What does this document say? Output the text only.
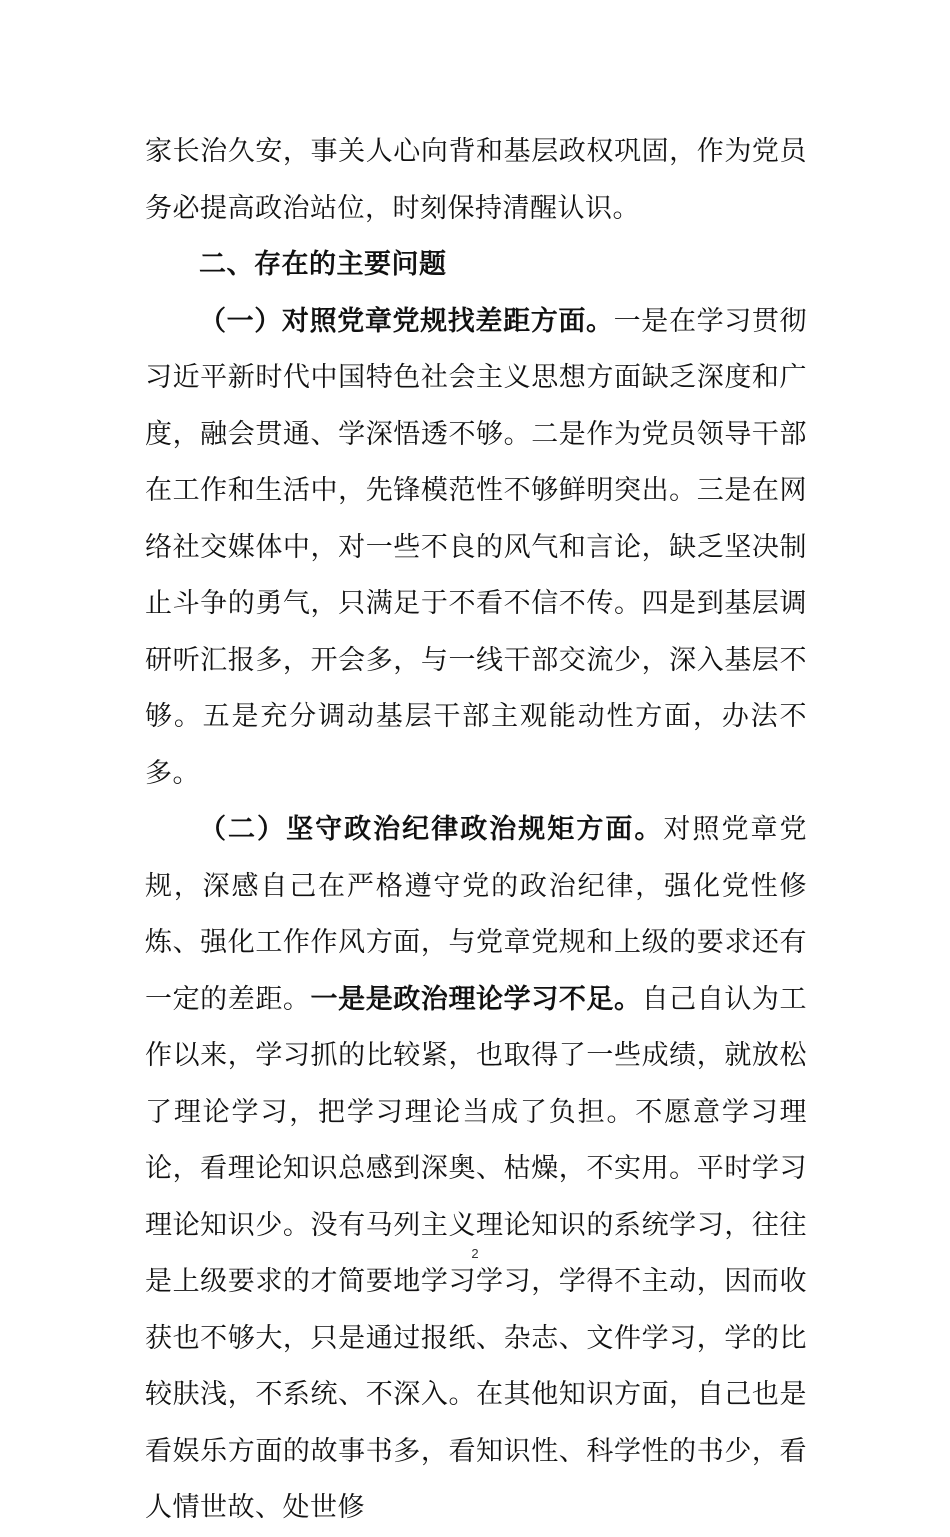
家长治久安，事关人心向背和基层政权巩固，作为党员务必提高政治站位，时刻保持清醒认识。

二、存在的主要问题

（一）对照党章党规找差距方面。一是在学习贯彻习近平新时代中国特色社会主义思想方面缺乏深度和广度，融会贯通、学深悟透不够。二是作为党员领导干部在工作和生活中，先锋模范性不够鲜明突出。三是在网络社交媒体中，对一些不良的风气和言论，缺乏坚决制止斗争的勇气，只满足于不看不信不传。四是到基层调研听汇报多，开会多，与一线干部交流少，深入基层不够。五是充分调动基层干部主观能动性方面，办法不多。

（二）坚守政治纪律政治规矩方面。对照党章党规，深感自己在严格遵守党的政治纪律，强化党性修炼、强化工作作风方面，与党章党规和上级的要求还有一定的差距。一是是政治理论学习不足。自己自认为工作以来，学习抓的比较紧，也取得了一些成绩，就放松了理论学习，把学习理论当成了负担。不愿意学习理论，看理论知识总感到深奥、枯燥，不实用。平时学习理论知识少。没有马列主义理论知识的系统学习，往往是上级要求的才简要地学习学习，学得不主动，因而收获也不够大，只是通过报纸、杂志、文件学习，学的比较肤浅，不系统、不深入。在其他知识方面，自己也是看娱乐方面的故事书多，看知识性、科学性的书少，看人情世故、处世修

2
